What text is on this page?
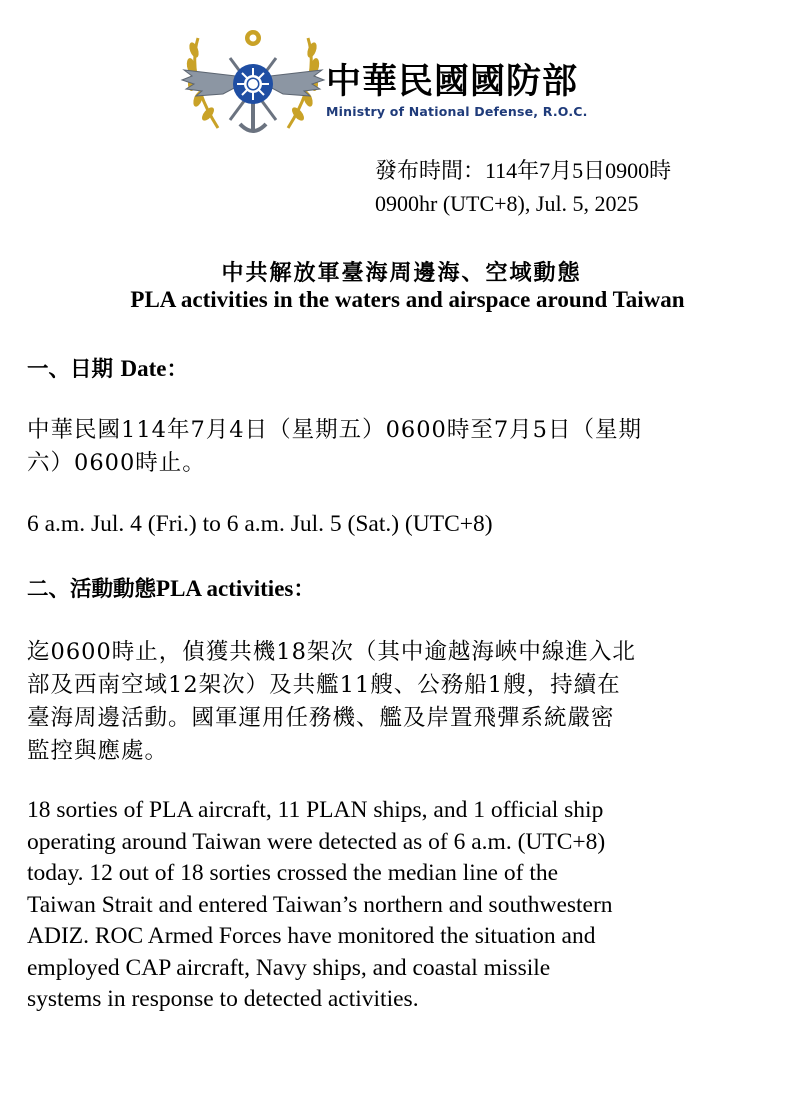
中華民國國防部
Ministry of National Defense, R.O.C.
發布時間：114年7月5日0900時
0900hr (UTC+8), Jul. 5, 2025
中共解放軍臺海周邊海、空域動態
PLA activities in the waters and airspace around Taiwan
一、日期 Date：
中華民國114年7月4日（星期五）0600時至7月5日（星期
六）0600時止。
6 a.m. Jul. 4 (Fri.) to 6 a.m. Jul. 5 (Sat.) (UTC+8)
二、活動動態PLA activities：
迄0600時止，偵獲共機18架次（其中逾越海峽中線進入北
部及西南空域12架次）及共艦11艘、公務船1艘，持續在
臺海周邊活動。國軍運用任務機、艦及岸置飛彈系統嚴密
監控與應處。
18 sorties of PLA aircraft, 11 PLAN ships, and 1 official ship
operating around Taiwan were detected as of 6 a.m. (UTC+8)
today. 12 out of 18 sorties crossed the median line of the
Taiwan Strait and entered Taiwan’s northern and southwestern
ADIZ. ROC Armed Forces have monitored the situation and
employed CAP aircraft, Navy ships, and coastal missile
systems in response to detected activities.
